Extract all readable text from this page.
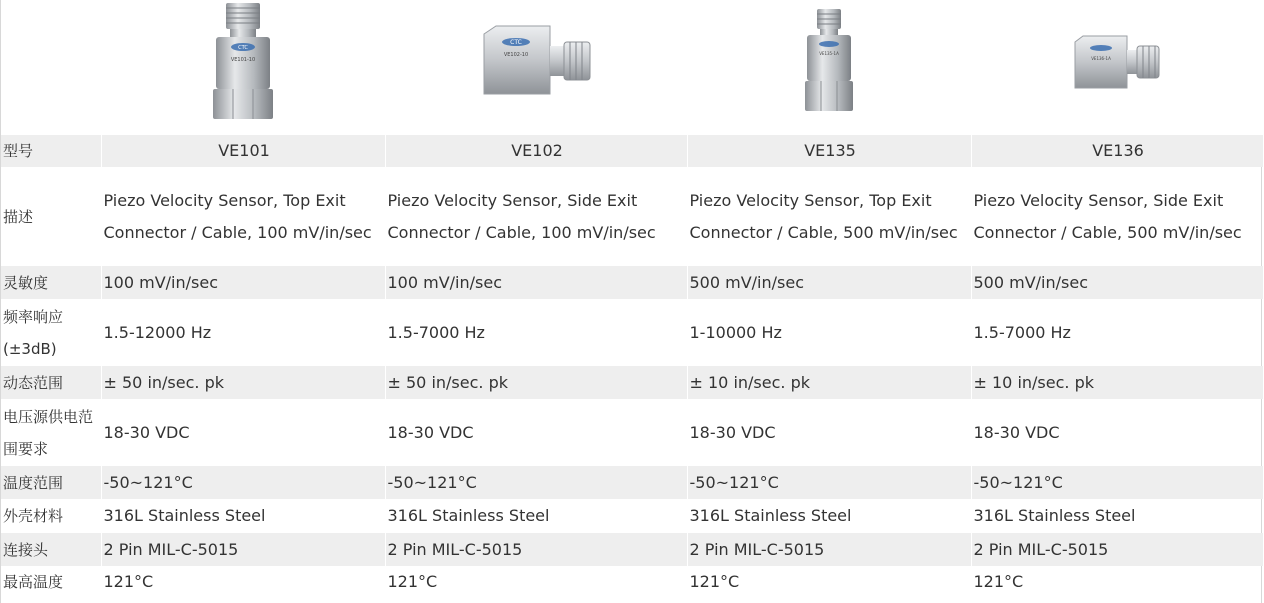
CTC
VE101-10	CTC
VE102-10	VE135-1A	VE136-1A

型号	VE101	VE102	VE135	VE136
描述	Piezo Velocity Sensor, Top Exit Connector / Cable, 100 mV/in/sec	Piezo Velocity Sensor, Side Exit Connector / Cable, 100 mV/in/sec	Piezo Velocity Sensor, Top Exit Connector / Cable, 500 mV/in/sec	Piezo Velocity Sensor, Side Exit Connector / Cable, 500 mV/in/sec
灵敏度	100 mV/in/sec	100 mV/in/sec	500 mV/in/sec	500 mV/in/sec
频率响应(±3dB)	1.5-12000 Hz	1.5-7000 Hz	1-10000 Hz	1.5-7000 Hz
动态范围	± 50 in/sec. pk	± 50 in/sec. pk	± 10 in/sec. pk	± 10 in/sec. pk
电压源供电范围要求	18-30 VDC	18-30 VDC	18-30 VDC	18-30 VDC
温度范围	-50~121°C	-50~121°C	-50~121°C	-50~121°C
外壳材料	316L Stainless Steel	316L Stainless Steel	316L Stainless Steel	316L Stainless Steel
连接头	2 Pin MIL-C-5015	2 Pin MIL-C-5015	2 Pin MIL-C-5015	2 Pin MIL-C-5015
最高温度	121°C	121°C	121°C	121°C
